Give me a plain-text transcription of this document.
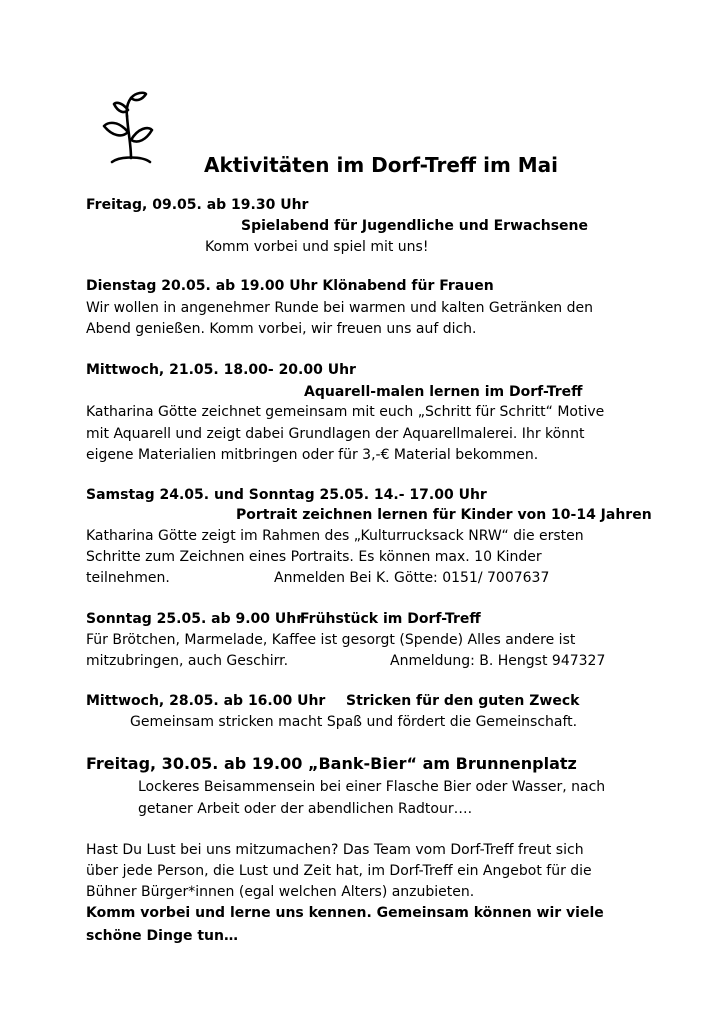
Aktivitäten im Dorf-Treff im Mai
Freitag, 09.05. ab 19.30 Uhr
Spielabend für Jugendliche und Erwachsene
Komm vorbei und spiel mit uns!
Dienstag 20.05. ab 19.00 Uhr Klönabend für Frauen
Wir wollen in angenehmer Runde bei warmen und kalten Getränken den
Abend genießen. Komm vorbei, wir freuen uns auf dich.
Mittwoch, 21.05. 18.00- 20.00 Uhr
Aquarell-malen lernen im Dorf-Treff
Katharina Götte zeichnet gemeinsam mit euch „Schritt für Schritt“ Motive
mit Aquarell und zeigt dabei Grundlagen der Aquarellmalerei. Ihr könnt
eigene Materialien mitbringen oder für 3,-€ Material bekommen.
Samstag 24.05. und Sonntag 25.05. 14.- 17.00 Uhr
Portrait zeichnen lernen für Kinder von 10-14 Jahren
Katharina Götte zeigt im Rahmen des „Kulturrucksack NRW“ die ersten
Schritte zum Zeichnen eines Portraits. Es können max. 10 Kinder
teilnehmen.	Anmelden Bei K. Götte: 0151/ 7007637
Sonntag 25.05. ab 9.00 Uhr
Frühstück im Dorf-Treff
Für Brötchen, Marmelade, Kaffee ist gesorgt (Spende) Alles andere ist
mitzubringen, auch Geschirr.	Anmeldung: B. Hengst 947327
Mittwoch, 28.05. ab 16.00 Uhr Stricken für den guten Zweck
Gemeinsam stricken macht Spaß und fördert die Gemeinschaft.
Freitag, 30.05. ab 19.00 „Bank-Bier“ am Brunnenplatz
Lockeres Beisammensein bei einer Flasche Bier oder Wasser, nach
getaner Arbeit oder der abendlichen Radtour….
Hast Du Lust bei uns mitzumachen? Das Team vom Dorf-Treff freut sich
über jede Person, die Lust und Zeit hat, im Dorf-Treff ein Angebot für die
Bühner Bürger*innen (egal welchen Alters) anzubieten.
Komm vorbei und lerne uns kennen. Gemeinsam können wir viele
schöne Dinge tun…
